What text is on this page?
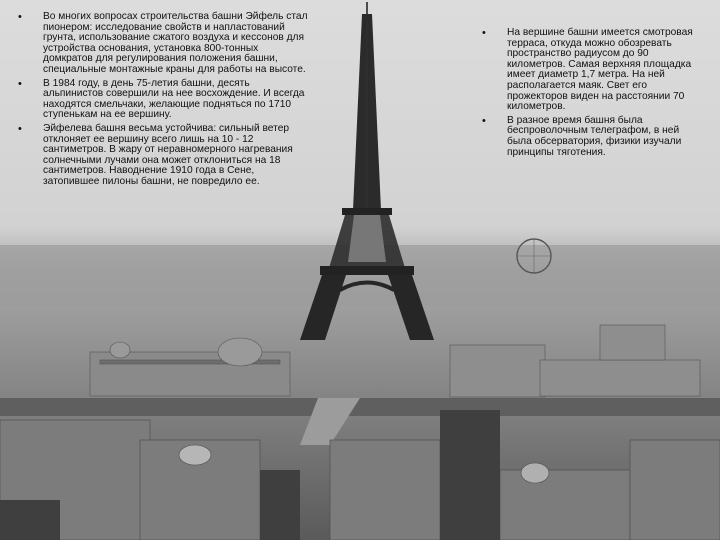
• Во многих вопросах строительства башни Эйфель стал пионером: исследование свойств и напластований грунта, использование сжатого воздуха и кессонов для устройства основания, установка 800-тонных домкратов для регулирования положения башни, специальные монтажные краны для работы на высоте.
• В 1984 году, в день 75-летия башни, десять альпинистов совершили на нее восхождение. И всегда находятся смельчаки, желающие подняться по 1710 ступенькам на ее вершину.
• Эйфелева башня весьма устойчива: сильный ветер отклоняет ее вершину всего лишь на 10 - 12 сантиметров. В жару от неравномерного нагревания солнечными лучами она может отклониться на 18 сантиметров. Наводнение 1910 года в Сене, затопившее пилоны башни, не повредило ее.
• На вершине башни имеется смотровая терраса, откуда можно обозревать пространство радиусом до 90 километров. Самая верхняя площадка имеет диаметр 1,7 метра. На ней располагается маяк. Свет его прожекторов виден на расстоянии 70 километров.
• В разное время башня была беспроволочным телеграфом, в ней была обсерватория, физики изучали принципы тяготения.
